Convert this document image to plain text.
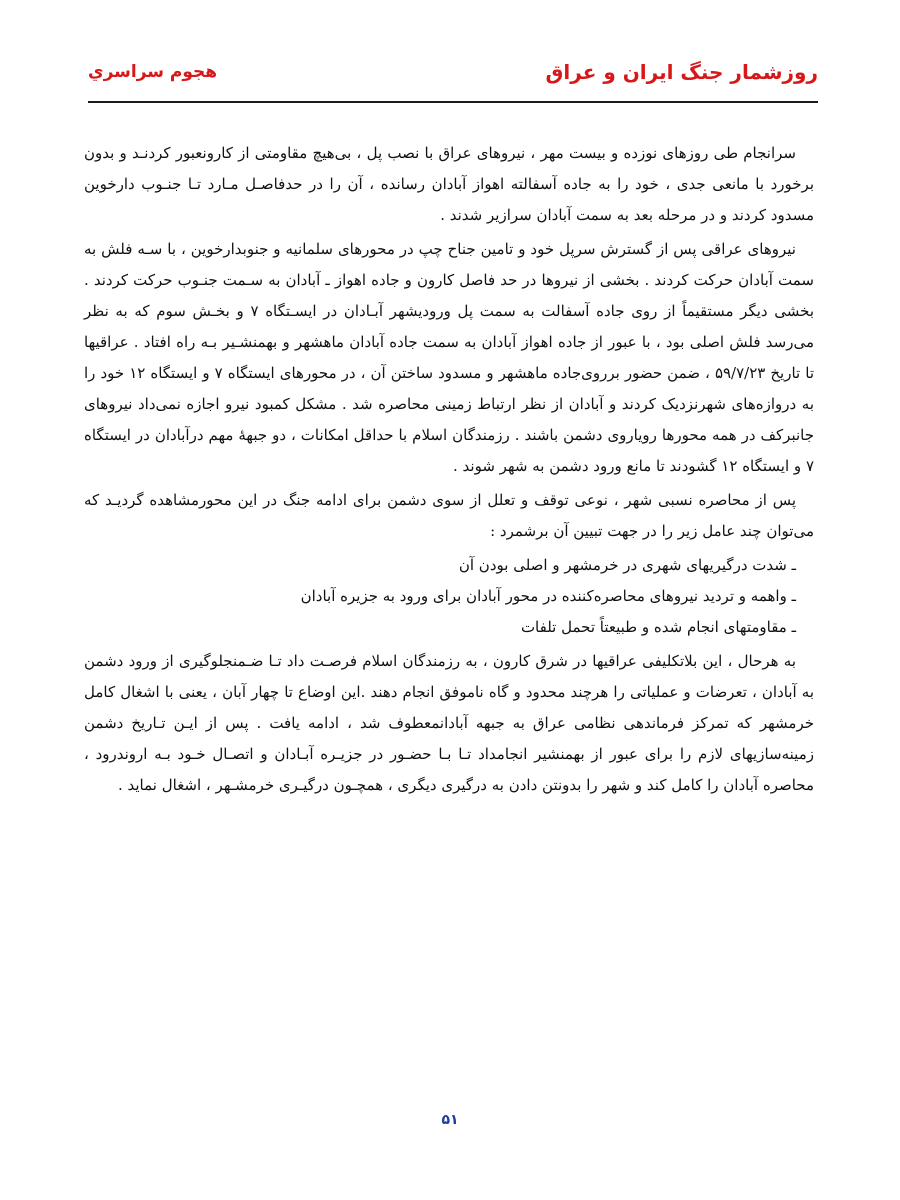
روزشمار جنگ ایران و عراق
هجوم سراسري

سرانجام طی روزهای نوزده و بیست مهر ، نیروهای عراق با نصب پل ، بی‌هیچ مقاومتی از کارونعبور کردنـد و بدون برخورد با مانعی جدی ، خود را به جاده آسفالته اهواز آبادان رسانده ، آن را در حدفاصـل مـارد تـا جنـوب دارخوین مسدود کردند و در مرحله بعد به سمت آبادان سرازیر شدند .

نیروهای عراقی پس از گسترش سرپل خود و تامین جناح چپ در محورهای سلمانیه و جنوبدارخوین ، با سـه فلش به سمت آبادان حرکت کردند . بخشی از نیروها در حد فاصل کارون و جاده اهواز ـ آبادان به سـمت جنـوب حرکت کردند . بخشی دیگر مستقیماً از روی جاده آسفالت به سمت پل ورودیشهر آبـادان در ایسـتگاه ۷ و بخـش سوم که به نظر می‌رسد فلش اصلی بود ، با عبور از جاده اهواز آبادان به سمت جاده آبادان ماهشهر و بهمنشـیر بـه راه افتاد . عراقیها تا تاریخ ۵۹/۷/۲۳ ، ضمن حضور برروی‌جاده ماهشهر و مسدود ساختن آن ، در محورهای ایستگاه ۷ و ایستگاه ۱۲ خود را به دروازه‌های شهرنزدیک کردند و آبادان از نظر ارتباط زمینی محاصره شد . مشکل کمبود نیرو اجازه نمی‌داد نیروهای جانبرکف در همه محورها رویاروی دشمن باشند . رزمندگان اسلام با حداقل امکانات ، دو جبههٔ مهم درآبادان در ایستگاه ۷ و ایستگاه ۱۲ گشودند تا مانع ورود دشمن به شهر شوند .

پس از محاصره نسبی شهر ، نوعی توقف و تعلل از سوی دشمن برای ادامه جنگ در این محورمشاهده گردیـد که می‌توان چند عامل زیر را در جهت تبیین آن برشمرد :

ـ شدت درگیریهای شهری در خرمشهر و اصلی بودن آن
ـ واهمه و تردید نیروهای محاصره‌کننده در محور آبادان برای ورود به جزیره آبادان
ـ مقاومتهای انجام شده و طبیعتاً تحمل تلفات

به هرحال ، این بلاتکلیفی عراقیها در شرق کارون ، به رزمندگان اسلام فرصـت داد تـا ضـمنجلوگیری از ورود دشمن به آبادان ، تعرضات و عملیاتی را هرچند محدود و گاه ناموفق انجام دهند .این اوضاع تا چهار آبان ، یعنی با اشغال کامل خرمشهر که تمرکز فرماندهی نظامی عراق به جبهه آبادانمعطوف شد ، ادامه یافت . پس از ایـن تـاریخ دشمن زمینه‌سازیهای لازم را برای عبور از بهمنشیر انجامداد تـا بـا حضـور در جزیـره آبـادان و اتصـال خـود بـه اروندرود ، محاصره آبادان را کامل کند و شهر را بدونتن دادن به درگیری دیگری ، همچـون درگیـری خرمشـهر ، اشغال نماید .

۵۱
